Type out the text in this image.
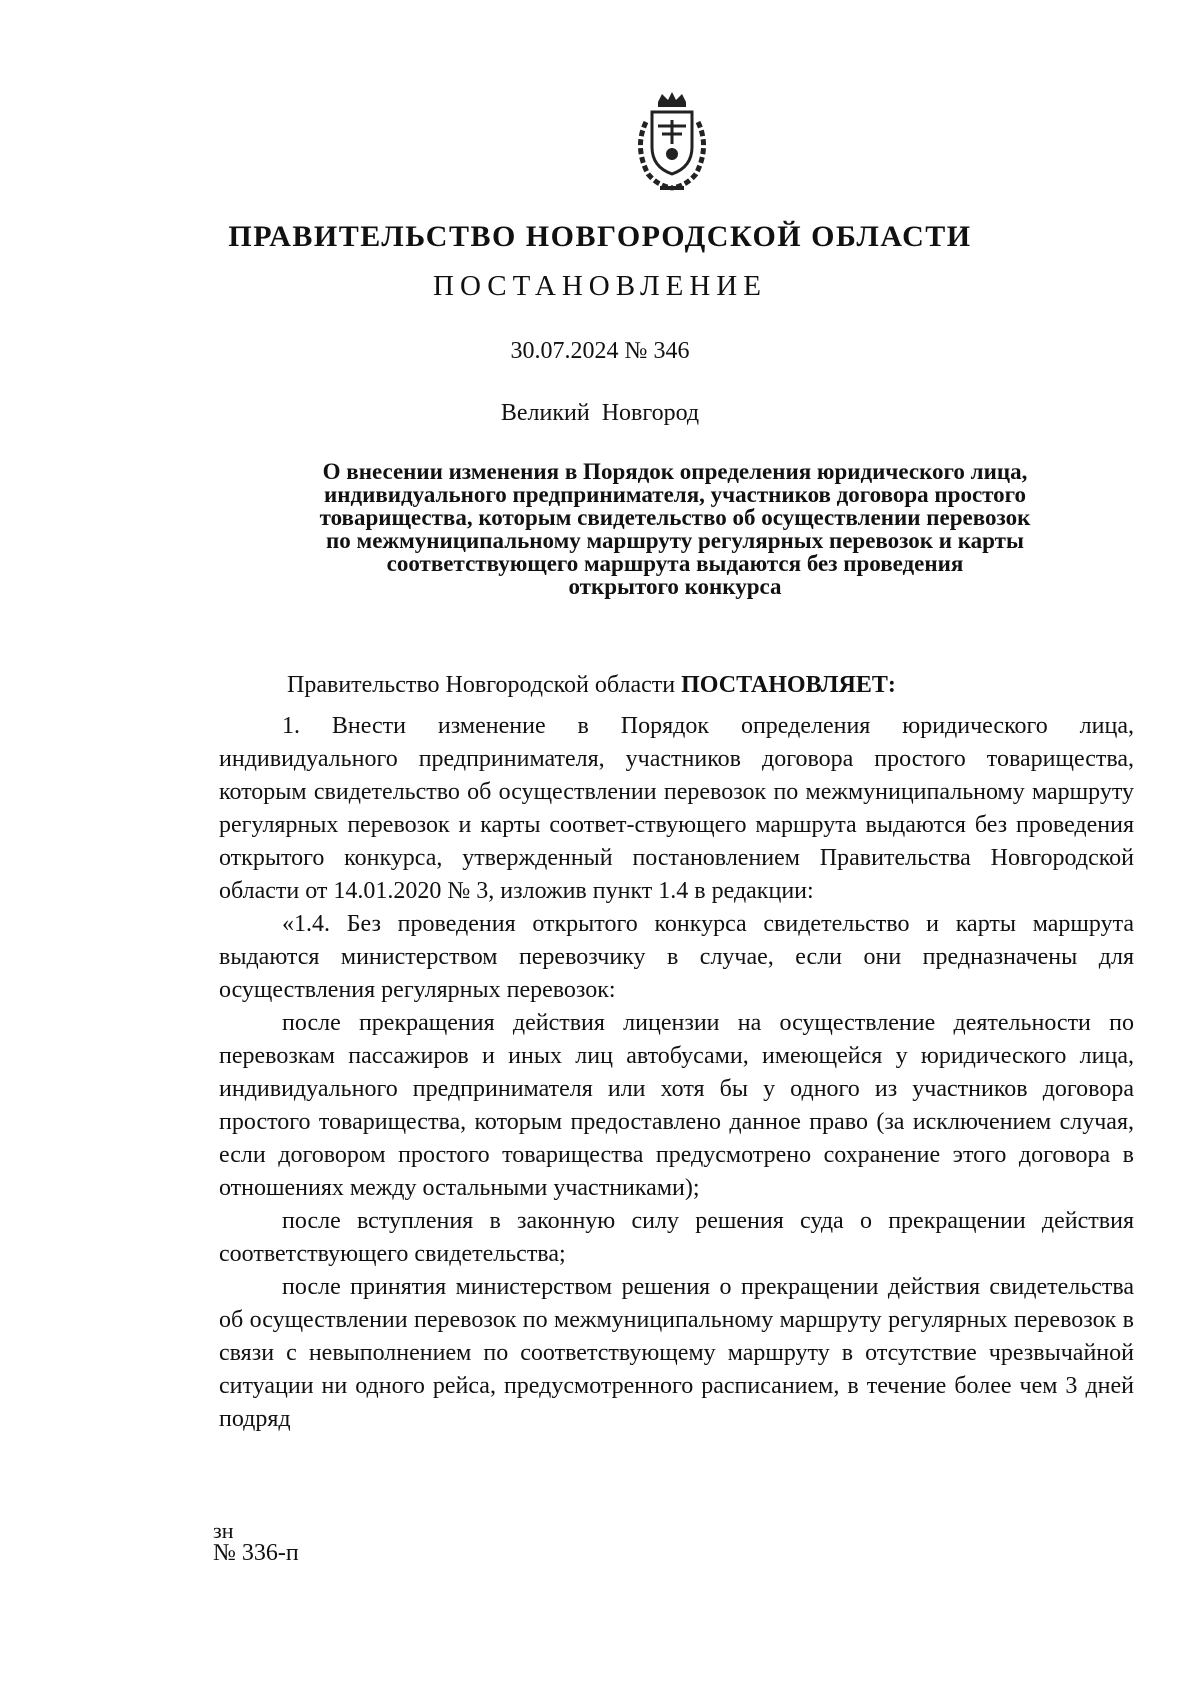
ПРАВИТЕЛЬСТВО НОВГОРОДСКОЙ ОБЛАСТИ
ПОСТАНОВЛЕНИЕ
30.07.2024 № 346
Великий Новгород
О внесении изменения в Порядок определения юридического лица,
индивидуального предпринимателя, участников договора простого
товарищества, которым свидетельство об осуществлении перевозок
по межмуниципальному маршруту регулярных перевозок и карты
соответствующего маршрута выдаются без проведения
открытого конкурса
Правительство Новгородской области ПОСТАНОВЛЯЕТ:

1. Внести изменение в Порядок определения юридического лица, индивидуального предпринимателя, участников договора простого товарищества, которым свидетельство об осуществлении перевозок по межмуниципальному маршруту регулярных перевозок и карты соответ-ствующего маршрута выдаются без проведения открытого конкурса, утвержденный постановлением Правительства Новгородской области от 14.01.2020 № 3, изложив пункт 1.4 в редакции:

«1.4. Без проведения открытого конкурса свидетельство и карты маршрута выдаются министерством перевозчику в случае, если они предназначены для осуществления регулярных перевозок:

после прекращения действия лицензии на осуществление деятельности по перевозкам пассажиров и иных лиц автобусами, имеющейся у юридического лица, индивидуального предпринимателя или хотя бы у одного из участников договора простого товарищества, которым предоставлено данное право (за исключением случая, если договором простого товарищества предусмотрено сохранение этого договора в отношениях между остальными участниками);

после вступления в законную силу решения суда о прекращении действия соответствующего свидетельства;

после принятия министерством решения о прекращении действия свидетельства об осуществлении перевозок по межмуниципальному маршруту регулярных перевозок в связи с невыполнением по соответствующему маршруту в отсутствие чрезвычайной ситуации ни одного рейса, предусмотренного расписанием, в течение более чем 3 дней подряд

зн
№ 336-п
